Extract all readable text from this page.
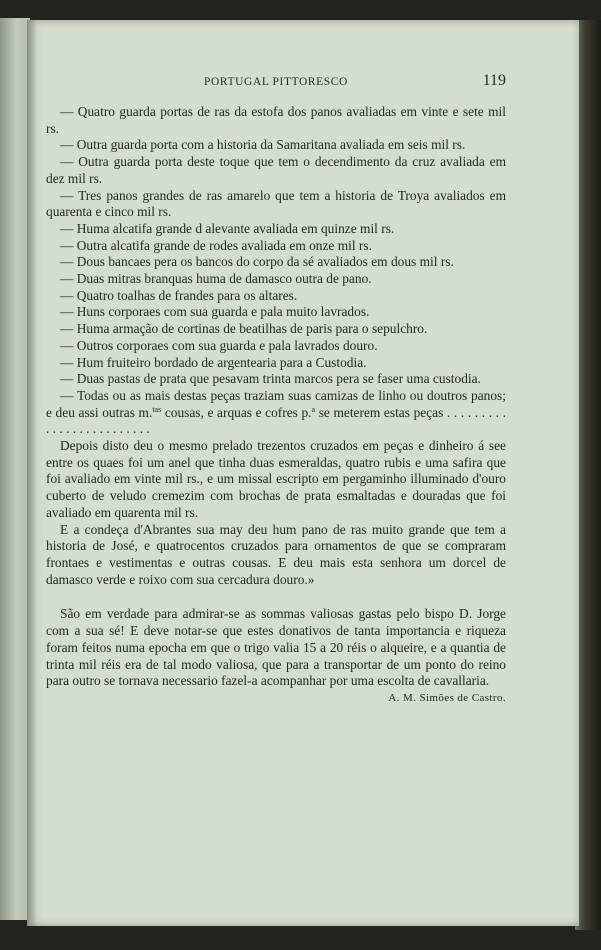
PORTUGAL PITTORESCO	119

— Quatro guarda portas de ras da estofa dos panos avaliadas em vinte e sete mil rs.

— Outra guarda porta com a historia da Samaritana avaliada em seis mil rs.

— Outra guarda porta deste toque que tem o decendimento da cruz avaliada em dez mil rs.

— Tres panos grandes de ras amarelo que tem a historia de Troya avaliados em quarenta e cinco mil rs.

— Huma alcatifa grande d alevante avaliada em quinze mil rs.

— Outra alcatifa grande de rodes avaliada em onze mil rs.

— Dous bancaes pera os bancos do corpo da sé avaliados em dous mil rs.

— Duas mitras branquas huma de damasco outra de pano.

— Quatro toalhas de frandes para os altares.

— Huns corporaes com sua guarda e pala muito lavrados.

— Huma armação de cortinas de beatilhas de paris para o sepulchro.

— Outros corporaes com sua guarda e pala lavrados douro.

— Hum fruiteiro bordado de argentearia para a Custodia.

— Duas pastas de prata que pesavam trinta marcos pera se faser uma custodia.

— Todas ou as mais destas peças traziam suas camizas de linho ou doutros panos; e deu assi outras m.$^{tas}$ cousas, e arquas e cofres p.$^a$ se meterem estas peças . . . . . . . . . . . . . . . . . . . . . . . . .

Depois disto deu o mesmo prelado trezentos cruzados em peças e dinheiro á see entre os quaes foi um anel que tinha duas esmeraldas, quatro rubis e uma safira que foi avaliado em vinte mil rs., e um missal escripto em pergaminho illuminado d'ouro cuberto de veludo cremezim com brochas de prata esmaltadas e douradas que foi avaliado em quarenta mil rs.

E a condeça d'Abrantes sua may deu hum pano de ras muito grande que tem a historia de José, e quatrocentos cruzados para ornamentos de que se compraram frontaes e vestimentas e outras cousas. E deu mais esta senhora um dorcel de damasco verde e roixo com sua cercadura douro.»

São em verdade para admirar-se as sommas valiosas gastas pelo bispo D. Jorge com a sua sé! E deve notar-se que estes donativos de tanta importancia e riqueza foram feitos numa epocha em que o trigo valia 15 a 20 réis o alqueire, e a quantia de trinta mil réis era de tal modo valiosa, que para a transportar de um ponto do reino para outro se tornava necessario fazel-a acompanhar por uma escolta de cavallaria.

A. M. Simões de Castro.
